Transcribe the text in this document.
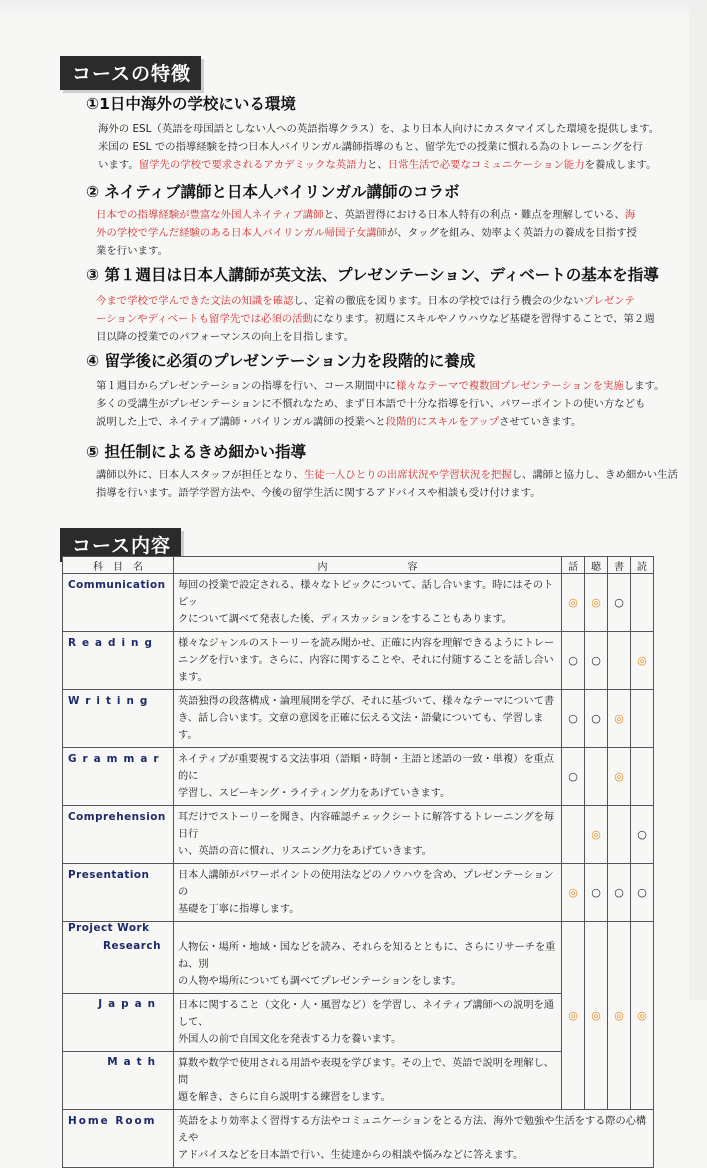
コースの特徴
①1日中海外の学校にいる環境
海外の ESL（英語を母国語としない人への英語指導クラス）を、より日本人向けにカスタマイズした環境を提供します。
米国の ESL での指導経験を持つ日本人バイリンガル講師指導のもと、留学先での授業に慣れる為のトレーニングを行
います。留学先の学校で要求されるアカデミックな英語力と、日常生活で必要なコミュニケーション能力を養成します。
② ネイティブ講師と日本人バイリンガル講師のコラボ
日本での指導経験が豊富な外国人ネイティブ講師と、英語習得における日本人特有の利点・難点を理解している、海
外の学校で学んだ経験のある日本人バイリンガル帰国子女講師が、タッグを組み、効率よく英語力の養成を目指す授
業を行います。
③ 第１週目は日本人講師が英文法、プレゼンテーション、ディベートの基本を指導
今まで学校で学んできた文法の知識を確認し、定着の徹底を図ります。日本の学校では行う機会の少ないプレゼンテ
ーションやディベートも留学先では必須の活動になります。初週にスキルやノウハウなど基礎を習得することで、第２週
目以降の授業でのパフォーマンスの向上を目指します。
④ 留学後に必須のプレゼンテーション力を段階的に養成
第１週目からプレゼンテーションの指導を行い、コース期間中に様々なテーマで複数回プレゼンテーションを実施します。
多くの受講生がプレゼンテーションに不慣れなため、まず日本語で十分な指導を行い、パワーポイントの使い方なども
説明した上で、ネイティブ講師・バイリンガル講師の授業へと段階的にスキルをアップさせていきます。
⑤ 担任制によるきめ細かい指導
講師以外に、日本人スタッフが担任となり、生徒一人ひとりの出席状況や学習状況を把握し、講師と協力し、きめ細かい生活
指導を行います。語学学習方法や、今後の留学生活に関するアドバイスや相談も受け付けます。
コース内容
科　目　名	内　　　　　　　　容	話	聴	書	読
Communication	毎回の授業で設定される、様々なトピックについて、話し合います。時にはそのトピッ
クについて調べて発表した後、ディスカッションをすることもあります。	◎	◎	○	
Reading	様々なジャンルのストーリーを読み聞かせ、正確に内容を理解できるようにトレー
ニングを行います。さらに、内容に関することや、それに付随することを話し合います。	○	○		◎
Writing	英語独得の段落構成・論理展開を学び、それに基づいて、様々なテーマについて書
き、話し合います。文章の意図を正確に伝える文法・語彙についても、学習します。	○	○	◎	
Grammar	ネイティブが重要視する文法事項（語順・時制・主語と述語の一致・単複）を重点的に
学習し、スピーキング・ライティング力をあげていきます。	○		◎	
Comprehension	耳だけでストーリーを聞き、内容確認チェックシートに解答するトレーニングを毎日行
い、英語の音に慣れ、リスニング力をあげていきます。		◎		○
Presentation	日本人講師がパワーポイントの使用法などのノウハウを含め、プレゼンテーションの
基礎を丁寧に指導します。	◎	○	○	○
Project Work		◎	◎	◎	◎
Research	人物伝・場所・地域・国などを読み、それらを知るとともに、さらにリサーチを重ね、別
の人物や場所についても調べてプレゼンテーションをします。				

Japan	日本に関すること（文化・人・風習など）を学習し、ネイティブ講師への説明を通して、
外国人の前で自国文化を発表する力を養います。				

Math	算数や数学で使用される用語や表現を学びます。その上で、英語で説明を理解し、問
題を解き、さらに自ら説明する練習をします。				

Home Room	英語をより効率よく習得する方法やコミュニケーションをとる方法、海外で勉強や生活をする際の心構えや
アドバイスなどを日本語で行い、生徒達からの相談や悩みなどに答えます。				
